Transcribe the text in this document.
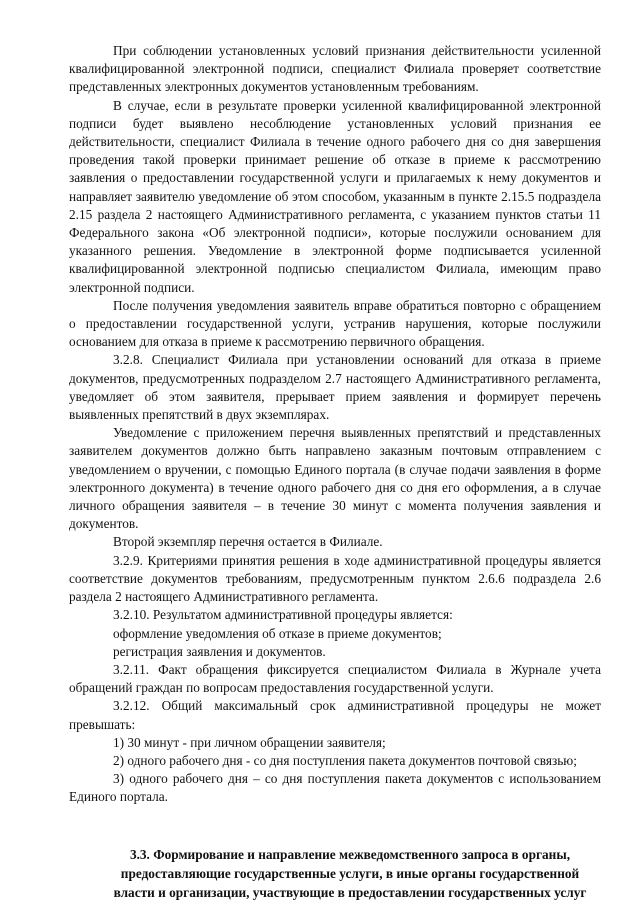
При соблюдении установленных условий признания действительности усиленной квалифицированной электронной подписи, специалист Филиала проверяет соответствие представленных электронных документов установленным требованиям.

В случае, если в результате проверки усиленной квалифицированной электронной подписи будет выявлено несоблюдение установленных условий признания ее действительности, специалист Филиала в течение одного рабочего дня со дня завершения проведения такой проверки принимает решение об отказе в приеме к рассмотрению заявления о предоставлении государственной услуги и прилагаемых к нему документов и направляет заявителю уведомление об этом способом, указанным в пункте 2.15.5 подраздела 2.15 раздела 2 настоящего Административного регламента, с указанием пунктов статьи 11 Федерального закона «Об электронной подписи», которые послужили основанием для указанного решения. Уведомление в электронной форме подписывается усиленной квалифицированной электронной подписью специалистом Филиала, имеющим право электронной подписи.

После получения уведомления заявитель вправе обратиться повторно с обращением о предоставлении государственной услуги, устранив нарушения, которые послужили основанием для отказа в приеме к рассмотрению первичного обращения.

3.2.8. Специалист Филиала при установлении оснований для отказа в приеме документов, предусмотренных подразделом 2.7 настоящего Административного регламента, уведомляет об этом заявителя, прерывает прием заявления и формирует перечень выявленных препятствий в двух экземплярах.

Уведомление с приложением перечня выявленных препятствий и представленных заявителем документов должно быть направлено заказным почтовым отправлением с уведомлением о вручении, с помощью Единого портала (в случае подачи заявления в форме электронного документа) в течение одного рабочего дня со дня его оформления, а в случае личного обращения заявителя – в течение 30 минут с момента получения заявления и документов.

Второй экземпляр перечня остается в Филиале.

3.2.9. Критериями принятия решения в ходе административной процедуры является соответствие документов требованиям, предусмотренным пунктом 2.6.6 подраздела 2.6 раздела 2 настоящего Административного регламента.

3.2.10. Результатом административной процедуры является:

оформление уведомления об отказе в приеме документов;

регистрация заявления и документов.

3.2.11. Факт обращения фиксируется специалистом Филиала в Журнале учета обращений граждан по вопросам предоставления государственной услуги.

3.2.12. Общий максимальный срок административной процедуры не может превышать:

1) 30 минут - при личном обращении заявителя;

2) одного рабочего дня - со дня поступления пакета документов почтовой связью;

3) одного рабочего дня – со дня поступления пакета документов с использованием Единого портала.

3.3. Формирование и направление межведомственного запроса в органы, предоставляющие государственные услуги, в иные органы государственной власти и организации, участвующие в предоставлении государственных услуг
